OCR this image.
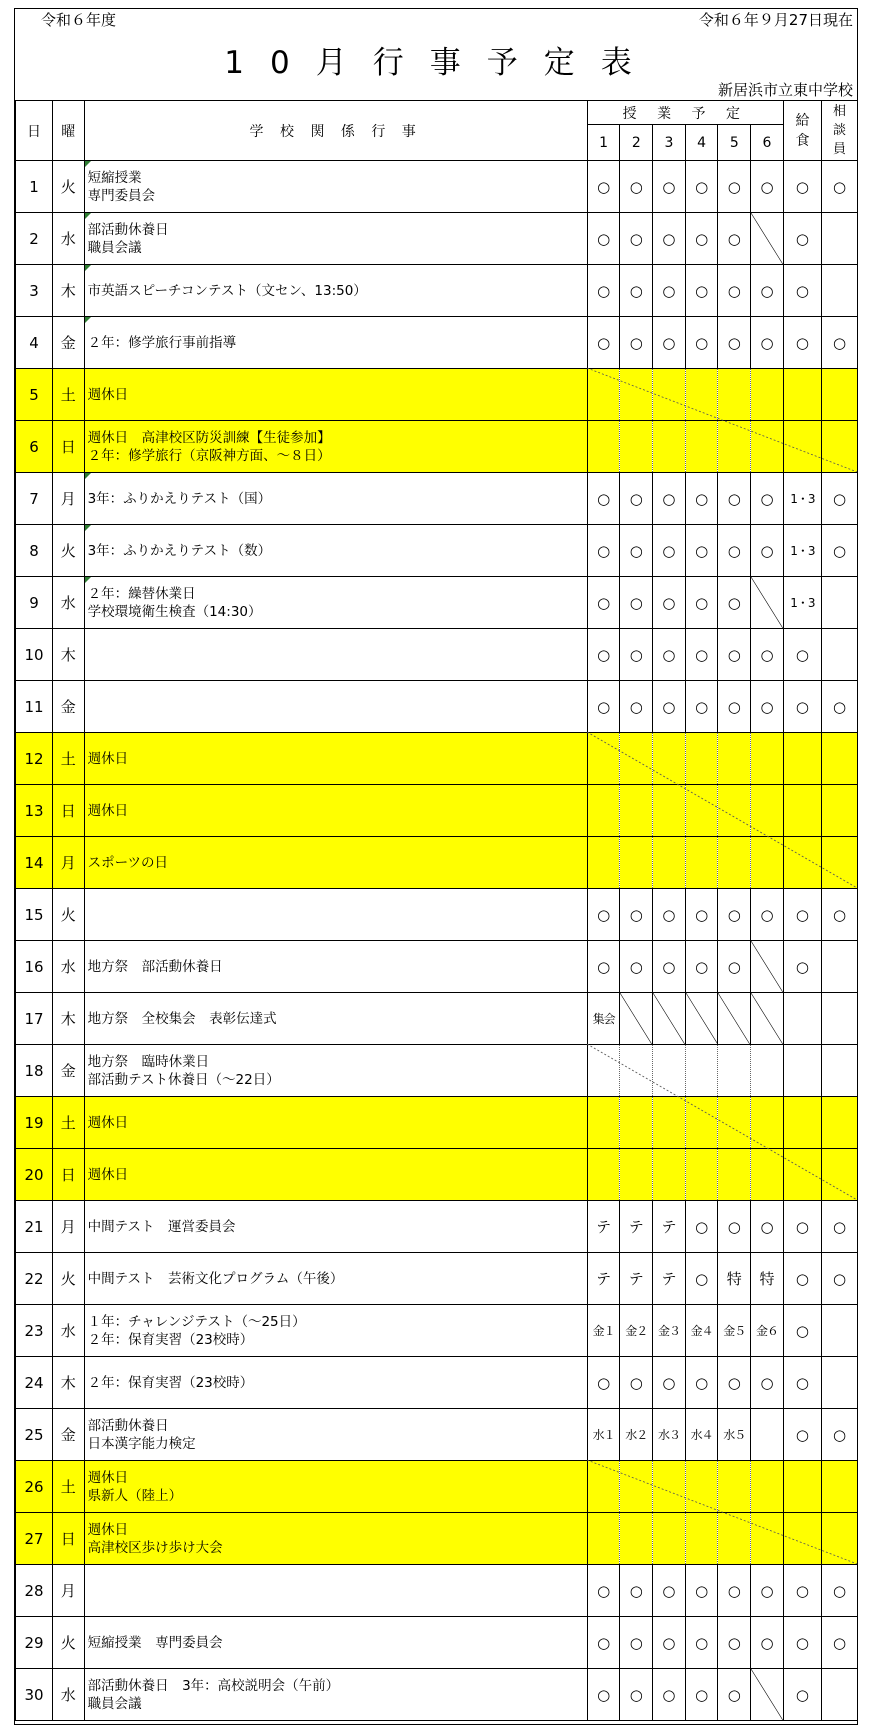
令和６年度	令和６年９月27日現在
10月行事予定表
新居浜市立東中学校
日	曜	学 校 関 係 行 事	授 業 予 定						給食	相談員
			1	2	3	4	5	6		
1	火	短縮授業
専門委員会	○	○	○	○	○	○	○	○
2	水	部活動休養日
職員会議	○	○	○	○	○		○	
3	木	市英語スピーチコンテスト（文セン、13:50）	○	○	○	○	○	○	○	
4	金	２年：修学旅行事前指導	○	○	○	○	○	○	○	○
5	土	週休日								

6	日	週休日　高津校区防災訓練【生徒参加】
２年：修学旅行（京阪神方面、～８日）								

7	月	3年：ふりかえりテスト（国）	○	○	○	○	○	○	1・3	○
8	火	3年：ふりかえりテスト（数）	○	○	○	○	○	○	1・3	○
9	水	２年：繰替休業日
学校環境衛生検査（14:30）	○	○	○	○	○		1・3	
10	木		○	○	○	○	○	○	○	
11	金		○	○	○	○	○	○	○	○
12	土	週休日								

13	日	週休日								

14	月	スポーツの日								

15	火		○	○	○	○	○	○	○	○
16	水	地方祭　部活動休養日	○	○	○	○	○		○	
17	木	地方祭　全校集会　表彰伝達式	集会	

18	金	地方祭　臨時休業日
部活動テスト休養日（～22日）								

19	土	週休日								

20	日	週休日								

21	月	中間テスト　運営委員会	テ	テ	テ	○	○	○	○	○
22	火	中間テスト　芸術文化プログラム（午後）	テ	テ	テ	○	特	特	○	○
23	水	１年：チャレンジテスト（～25日）
２年：保育実習（23校時）	金１	金２	金３	金４	金５	金６	○	
24	木	２年：保育実習（23校時）	○	○	○	○	○	○	○	
25	金	部活動休養日
日本漢字能力検定	水１	水２	水３	水４	水５		○	○
26	土	週休日
県新人（陸上）								

27	日	週休日
高津校区歩け歩け大会								

28	月		○	○	○	○	○	○	○	○
29	火	短縮授業　専門委員会	○	○	○	○	○	○	○	○
30	水	部活動休養日　3年：高校説明会（午前）
職員会議	○	○	○	○	○		○	
